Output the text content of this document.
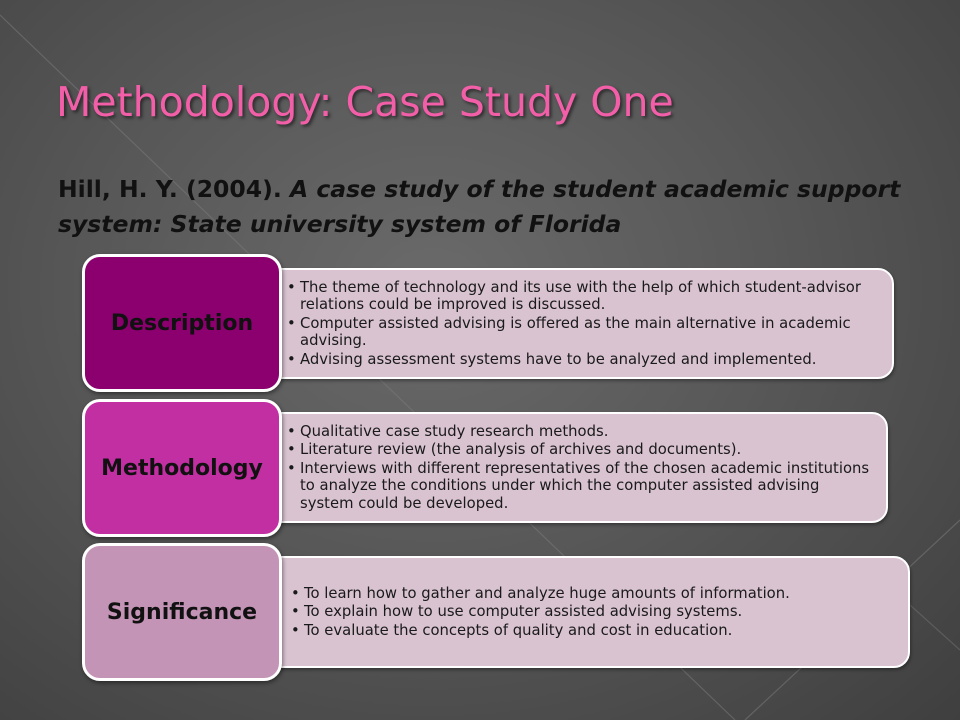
Methodology: Case Study One

Hill, H. Y. (2004). A case study of the student academic support system: State university system of Florida

• The theme of technology and its use with the help of which student-advisor relations could be improved is discussed.
• Computer assisted advising is offered as the main alternative in academic advising.
• Advising assessment systems have to be analyzed and implemented.
Description
• Qualitative case study research methods.
• Literature review (the analysis of archives and documents).
• Interviews with different representatives of the chosen academic institutions to analyze the conditions under which the computer assisted advising system could be developed.
Methodology
• To learn how to gather and analyze huge amounts of information.
• To explain how to use computer assisted advising systems.
• To evaluate the concepts of quality and cost in education.
Significance
